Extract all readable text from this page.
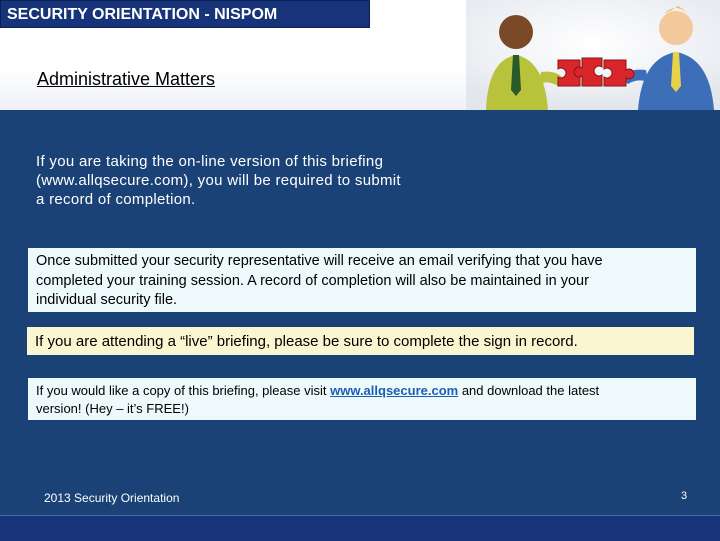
SECURITY ORIENTATION - NISPOM
Administrative Matters
If you are taking the on-line version of this briefing
(www.allqsecure.com), you will be required to submit
a record of completion.
Once submitted your security representative will receive an email verifying that you have
completed your training session. A record of completion will also be maintained in your
individual security file.
If you are attending a “live” briefing, please be sure to complete the sign in record.
If you would like a copy of this briefing, please visit www.allqsecure.com and download the latest
version! (Hey – it’s FREE!)
2013 Security Orientation	3
